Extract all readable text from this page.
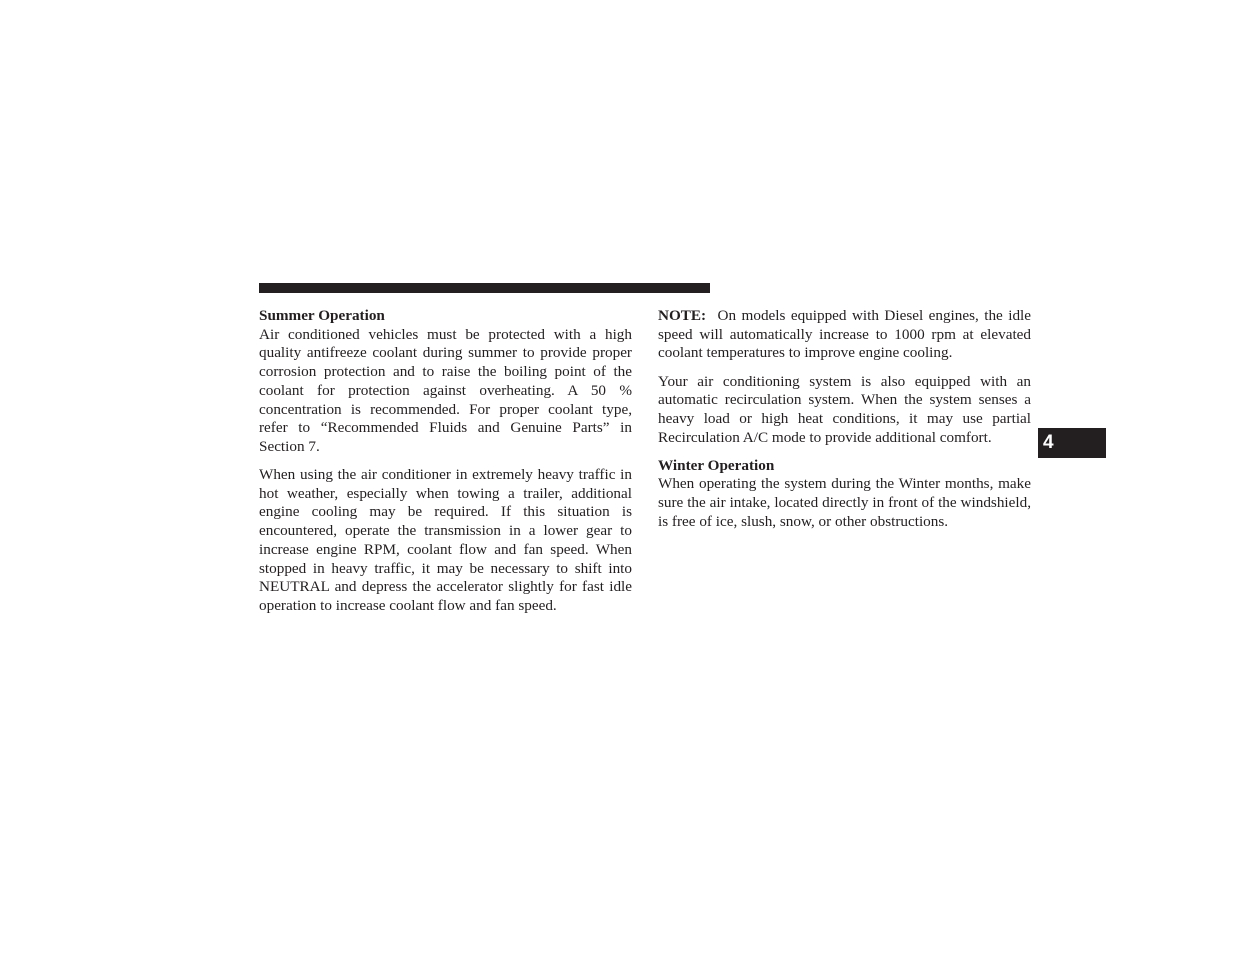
Summer Operation
Air conditioned vehicles must be protected with a high quality antifreeze coolant during summer to provide proper corrosion protection and to raise the boiling point of the coolant for protection against overheating. A 50 % concentration is recommended. For proper coolant type, refer to “Recommended Fluids and Genuine Parts” in Section 7.

When using the air conditioner in extremely heavy traffic in hot weather, especially when towing a trailer, additional engine cooling may be required. If this situation is encountered, operate the transmission in a lower gear to increase engine RPM, coolant flow and fan speed. When stopped in heavy traffic, it may be necessary to shift into NEUTRAL and depress the accelerator slightly for fast idle operation to increase coolant flow and fan speed.

NOTE: On models equipped with Diesel engines, the idle speed will automatically increase to 1000 rpm at elevated coolant temperatures to improve engine cooling.

Your air conditioning system is also equipped with an automatic recirculation system. When the system senses a heavy load or high heat conditions, it may use partial Recirculation A/C mode to provide additional comfort.

Winter Operation
When operating the system during the Winter months, make sure the air intake, located directly in front of the windshield, is free of ice, slush, snow, or other obstructions.

4
